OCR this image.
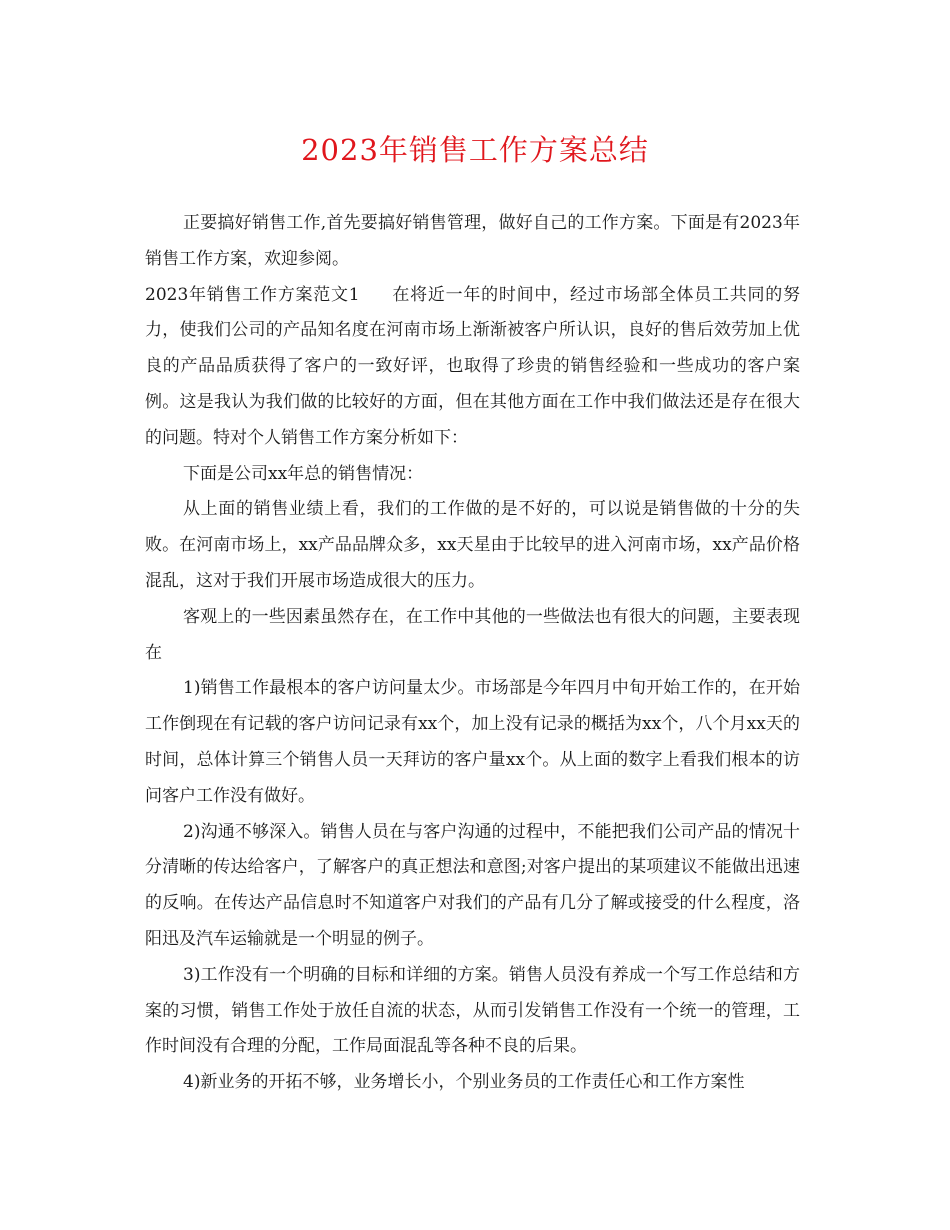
2023年销售工作方案总结

正要搞好销售工作,首先要搞好销售管理，做好自己的工作方案。下面是有2023年销售工作方案，欢迎参阅。

2023年销售工作方案范文1 在将近一年的时间中，经过市场部全体员工共同的努力，使我们公司的产品知名度在河南市场上渐渐被客户所认识，良好的售后效劳加上优良的产品品质获得了客户的一致好评，也取得了珍贵的销售经验和一些成功的客户案例。这是我认为我们做的比较好的方面，但在其他方面在工作中我们做法还是存在很大的问题。特对个人销售工作方案分析如下：

下面是公司xx年总的销售情况：

从上面的销售业绩上看，我们的工作做的是不好的，可以说是销售做的十分的失败。在河南市场上，xx产品品牌众多，xx天星由于比较早的进入河南市场，xx产品价格混乱，这对于我们开展市场造成很大的压力。

客观上的一些因素虽然存在，在工作中其他的一些做法也有很大的问题，主要表现在

1)销售工作最根本的客户访问量太少。市场部是今年四月中旬开始工作的，在开始工作倒现在有记载的客户访问记录有xx个，加上没有记录的概括为xx个，八个月xx天的时间，总体计算三个销售人员一天拜访的客户量xx个。从上面的数字上看我们根本的访问客户工作没有做好。

2)沟通不够深入。销售人员在与客户沟通的过程中，不能把我们公司产品的情况十分清晰的传达给客户，了解客户的真正想法和意图;对客户提出的某项建议不能做出迅速的反响。在传达产品信息时不知道客户对我们的产品有几分了解或接受的什么程度，洛阳迅及汽车运输就是一个明显的例子。

3)工作没有一个明确的目标和详细的方案。销售人员没有养成一个写工作总结和方案的习惯，销售工作处于放任自流的状态，从而引发销售工作没有一个统一的管理，工作时间没有合理的分配，工作局面混乱等各种不良的后果。

4)新业务的开拓不够，业务增长小，个别业务员的工作责任心和工作方案性
